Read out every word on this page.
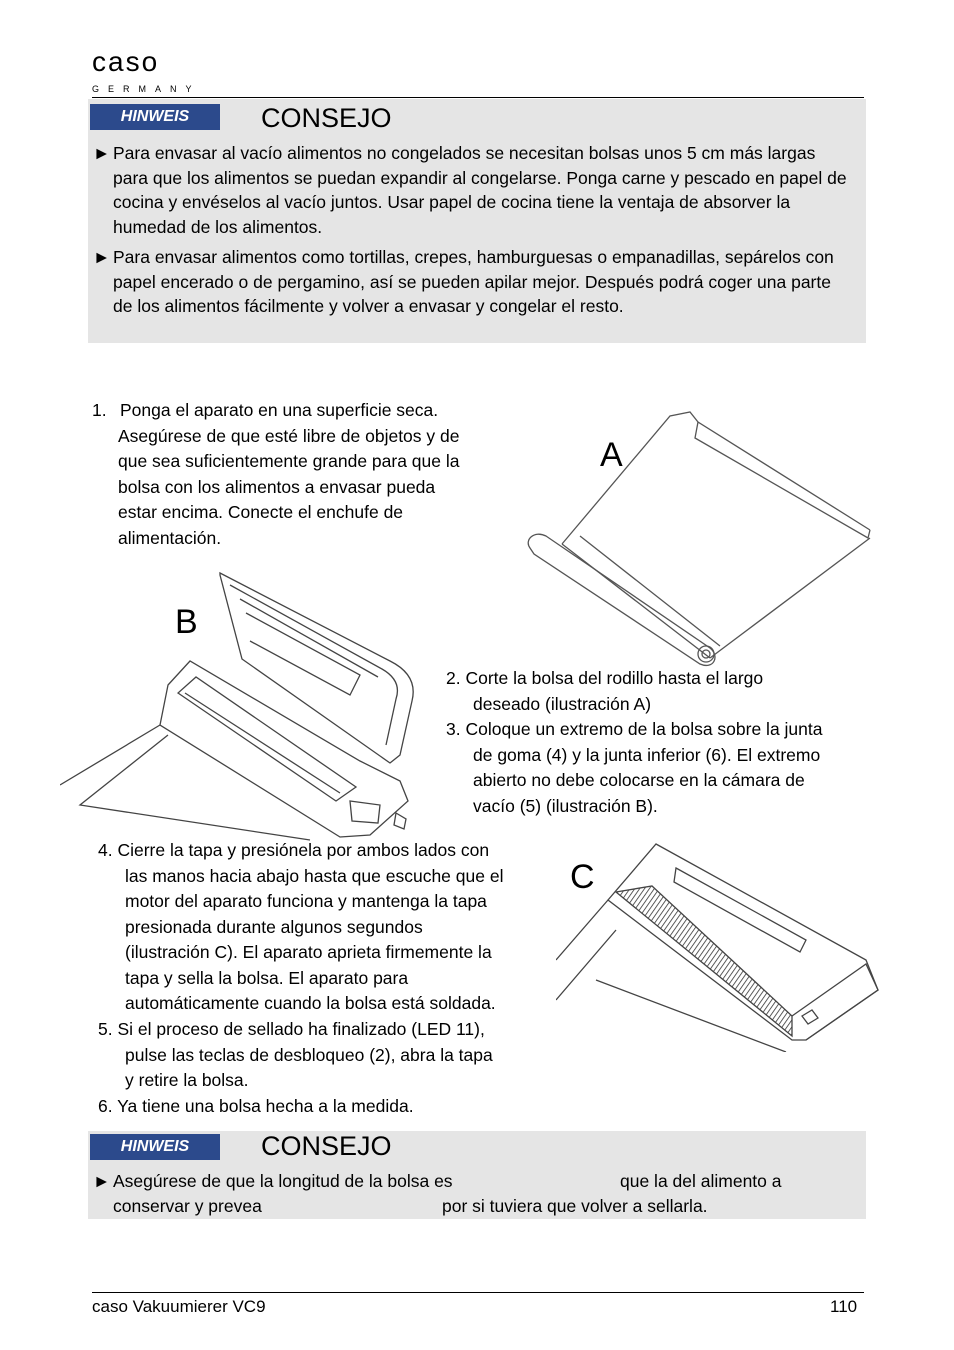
caso
GERMANY
HINWEIS	CONSEJO
► Para envasar al vacío alimentos no congelados se necesitan bolsas unos 5 cm más largas para que los alimentos se puedan expandir al congelarse. Ponga carne y pescado en papel de cocina y envéselos al vacío juntos. Usar papel de cocina tiene la ventaja de absorver la humedad de los alimentos.
► Para envasar alimentos como tortillas, crepes, hamburguesas o empanadillas, sepárelos con papel encerado o de pergamino, así se pueden apilar mejor. Después podrá coger una parte de los alimentos fácilmente y volver a envasar y congelar el resto.
1. Ponga el aparato en una superficie seca.
Asegúrese de que esté libre de objetos y de
que sea suficientemente grande para que la
bolsa con los alimentos a envasar pueda
estar encima. Conecte el enchufe de
alimentación.
A
B
2. Corte la bolsa del rodillo hasta el largo
deseado (ilustración A)
3. Coloque un extremo de la bolsa sobre la junta
de goma (4) y la junta inferior (6). El extremo
abierto no debe colocarse en la cámara de
vacío (5) (ilustración B).
4. Cierre la tapa y presiónela por ambos lados con
las manos hacia abajo hasta que escuche que el
motor del aparato funciona y mantenga la tapa
presionada durante algunos segundos
(ilustración C). El aparato aprieta firmemente la
tapa y sella la bolsa. El aparato para
automáticamente cuando la bolsa está soldada.
5. Si el proceso de sellado ha finalizado (LED 11),
pulse las teclas de desbloqueo (2), abra la tapa
y retire la bolsa.
6. Ya tiene una bolsa hecha a la medida.
C
HINWEIS	CONSEJO
► Asegúrese de que la longitud de la bolsa es	que la del alimento a
conservar y prevea	por si tuviera que volver a sellarla.
caso Vakuumierer VC9	110
